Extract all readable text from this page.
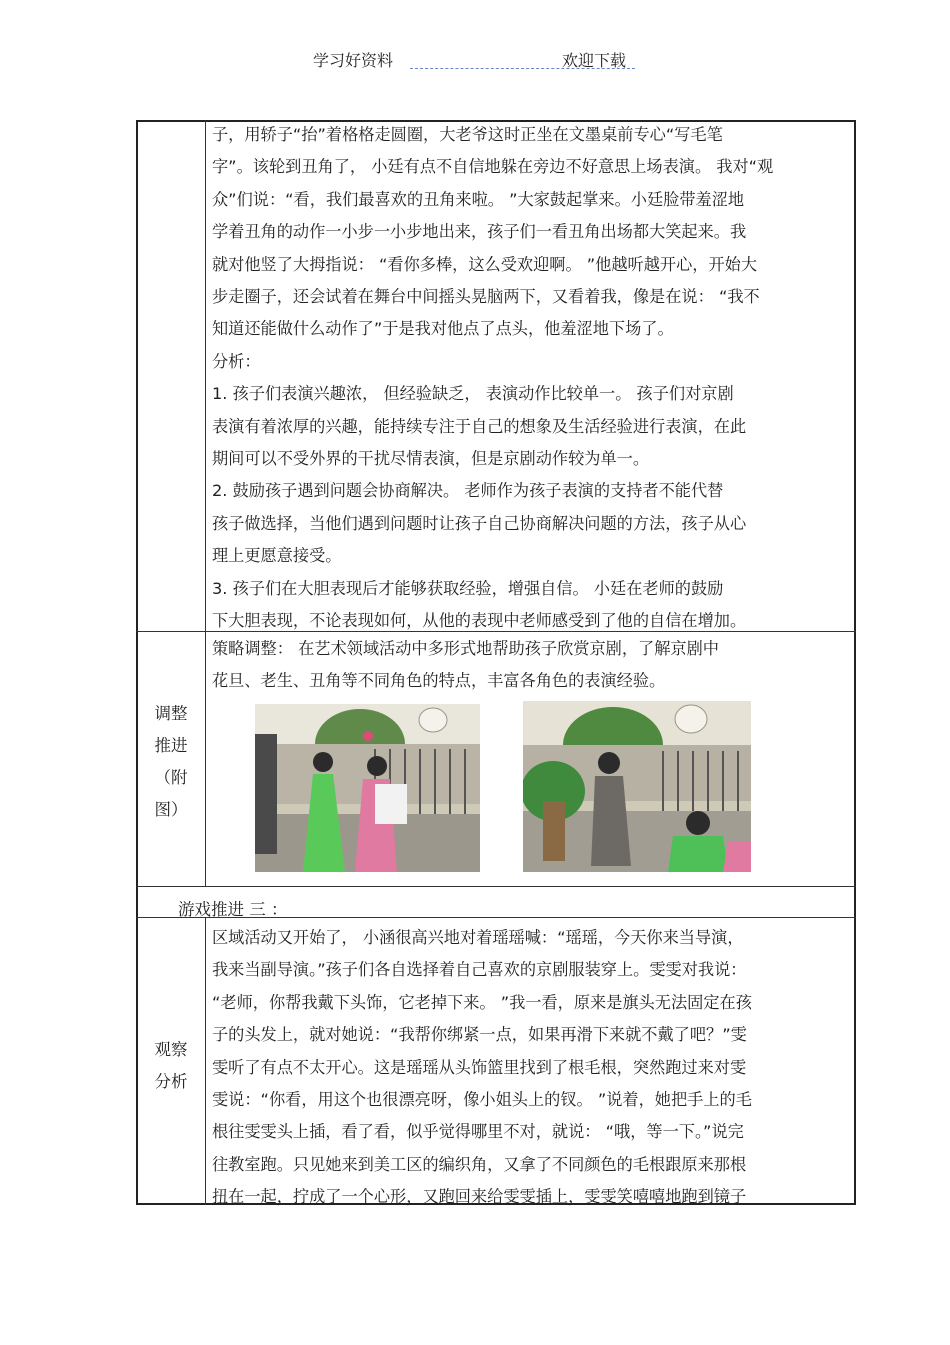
学习好资料	欢迎下载

子，用轿子“抬”着格格走圆圈，大老爷这时正坐在文墨桌前专心“写毛笔

字”。该轮到丑角了， 小廷有点不自信地躲在旁边不好意思上场表演。 我对“观

众”们说：“看，我们最喜欢的丑角来啦。 ”大家鼓起掌来。小廷脸带羞涩地

学着丑角的动作一小步一小步地出来，孩子们一看丑角出场都大笑起来。我

就对他竖了大拇指说： “看你多棒，这么受欢迎啊。 ”他越听越开心，开始大

步走圈子，还会试着在舞台中间摇头晃脑两下，又看着我，像是在说： “我不

知道还能做什么动作了”于是我对他点了点头，他羞涩地下场了。

分析：

1. 孩子们表演兴趣浓， 但经验缺乏， 表演动作比较单一。 孩子们对京剧

表演有着浓厚的兴趣，能持续专注于自己的想象及生活经验进行表演，在此

期间可以不受外界的干扰尽情表演，但是京剧动作较为单一。

2. 鼓励孩子遇到问题会协商解决。 老师作为孩子表演的支持者不能代替

孩子做选择，当他们遇到问题时让孩子自己协商解决问题的方法，孩子从心

理上更愿意接受。

3. 孩子们在大胆表现后才能够获取经验，增强自信。 小廷在老师的鼓励

下大胆表现，不论表现如何，从他的表现中老师感受到了他的自信在增加。

调整
推进
（附
图）

策略调整： 在艺术领域活动中多形式地帮助孩子欣赏京剧，了解京剧中

花旦、老生、丑角等不同角色的特点，丰富各角色的表演经验。

游戏推进 三 ：
观察
分析

区域活动又开始了， 小涵很高兴地对着瑶瑶喊：“瑶瑶，今天你来当导演，

我来当副导演。”孩子们各自选择着自己喜欢的京剧服装穿上。雯雯对我说：

“老师，你帮我戴下头饰，它老掉下来。 ”我一看，原来是旗头无法固定在孩

子的头发上，就对她说：“我帮你绑紧一点，如果再滑下来就不戴了吧？”雯

雯听了有点不太开心。这是瑶瑶从头饰篮里找到了根毛根，突然跑过来对雯

雯说：“你看，用这个也很漂亮呀，像小姐头上的钗。 ”说着，她把手上的毛

根往雯雯头上插，看了看，似乎觉得哪里不对，就说： “哦，等一下。”说完

往教室跑。只见她来到美工区的编织角，又拿了不同颜色的毛根跟原来那根

扭在一起，拧成了一个心形，又跑回来给雯雯插上，雯雯笑嘻嘻地跑到镜子
